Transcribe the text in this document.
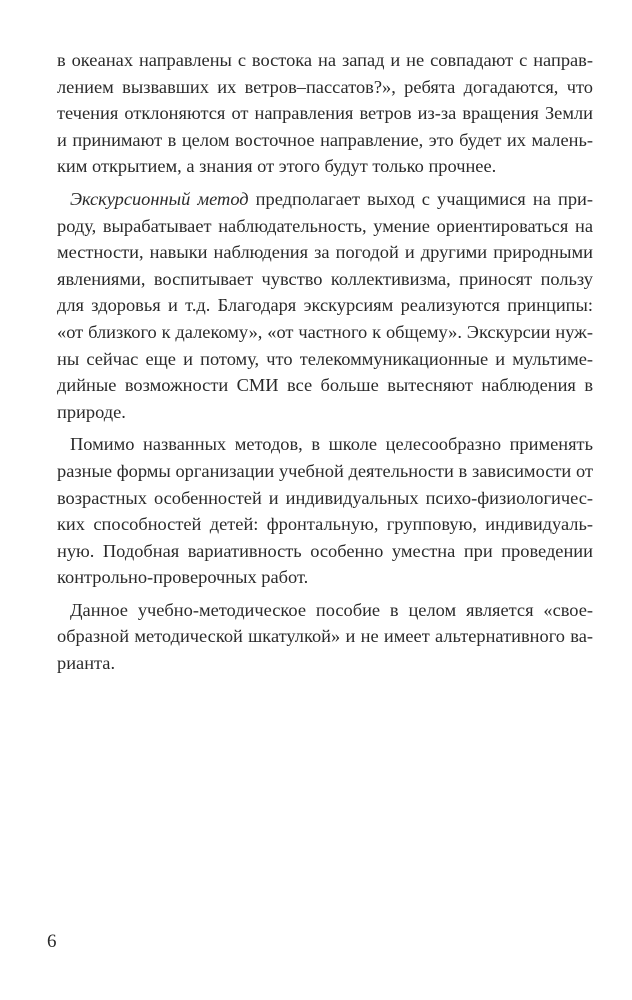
в океанах направлены с востока на запад и не совпадают с направ-
лением вызвавших их ветров–пассатов?», ребята догадаются, что
течения отклоняются от направления ветров из-за вращения Земли
и принимают в целом восточное направление, это будет их малень-
ким открытием, а знания от этого будут только прочнее.
Экскурсионный метод предполагает выход с учащимися на при-
роду, вырабатывает наблюдательность, умение ориентироваться на
местности, навыки наблюдения за погодой и другими природными
явлениями, воспитывает чувство коллективизма, приносят пользу
для здоровья и т.д. Благодаря экскурсиям реализуются принципы:
«от близкого к далекому», «от частного к общему». Экскурсии нуж-
ны сейчас еще и потому, что телекоммуникационные и мультиме-
дийные возможности СМИ все больше вытесняют наблюдения в
природе.
Помимо названных методов, в школе целесообразно применять
разные формы организации учебной деятельности в зависимости от
возрастных особенностей и индивидуальных психо-физиологичес-
ких способностей детей: фронтальную, групповую, индивидуаль-
ную. Подобная вариативность особенно уместна при проведении
контрольно-проверочных работ.
Данное учебно-методическое пособие в целом является «свое-
образной методической шкатулкой» и не имеет альтернативного ва-
рианта.
6
